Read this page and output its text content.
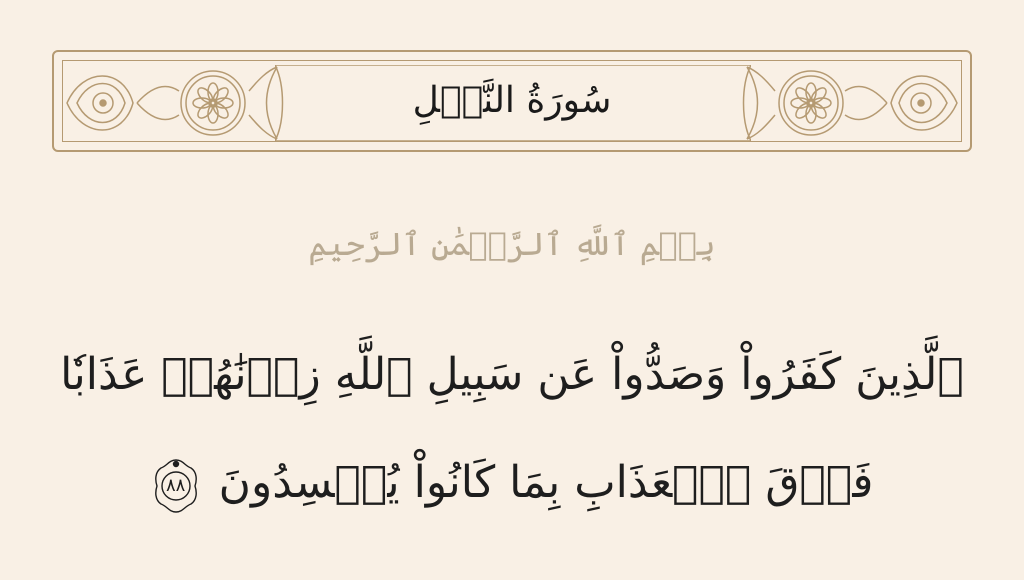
سُورَةُ النَّحۡلِ
بِسۡمِ ٱللَّهِ ٱلرَّحۡمَٰنِ ٱلرَّحِيمِ
ٱلَّذِينَ كَفَرُواْ وَصَدُّواْ عَن سَبِيلِ ٱللَّهِ زِدۡنَٰهُمۡ عَذَابٗا
فَوۡقَ ٱلۡعَذَابِ بِمَا كَانُواْ يُفۡسِدُونَ
٨٨
